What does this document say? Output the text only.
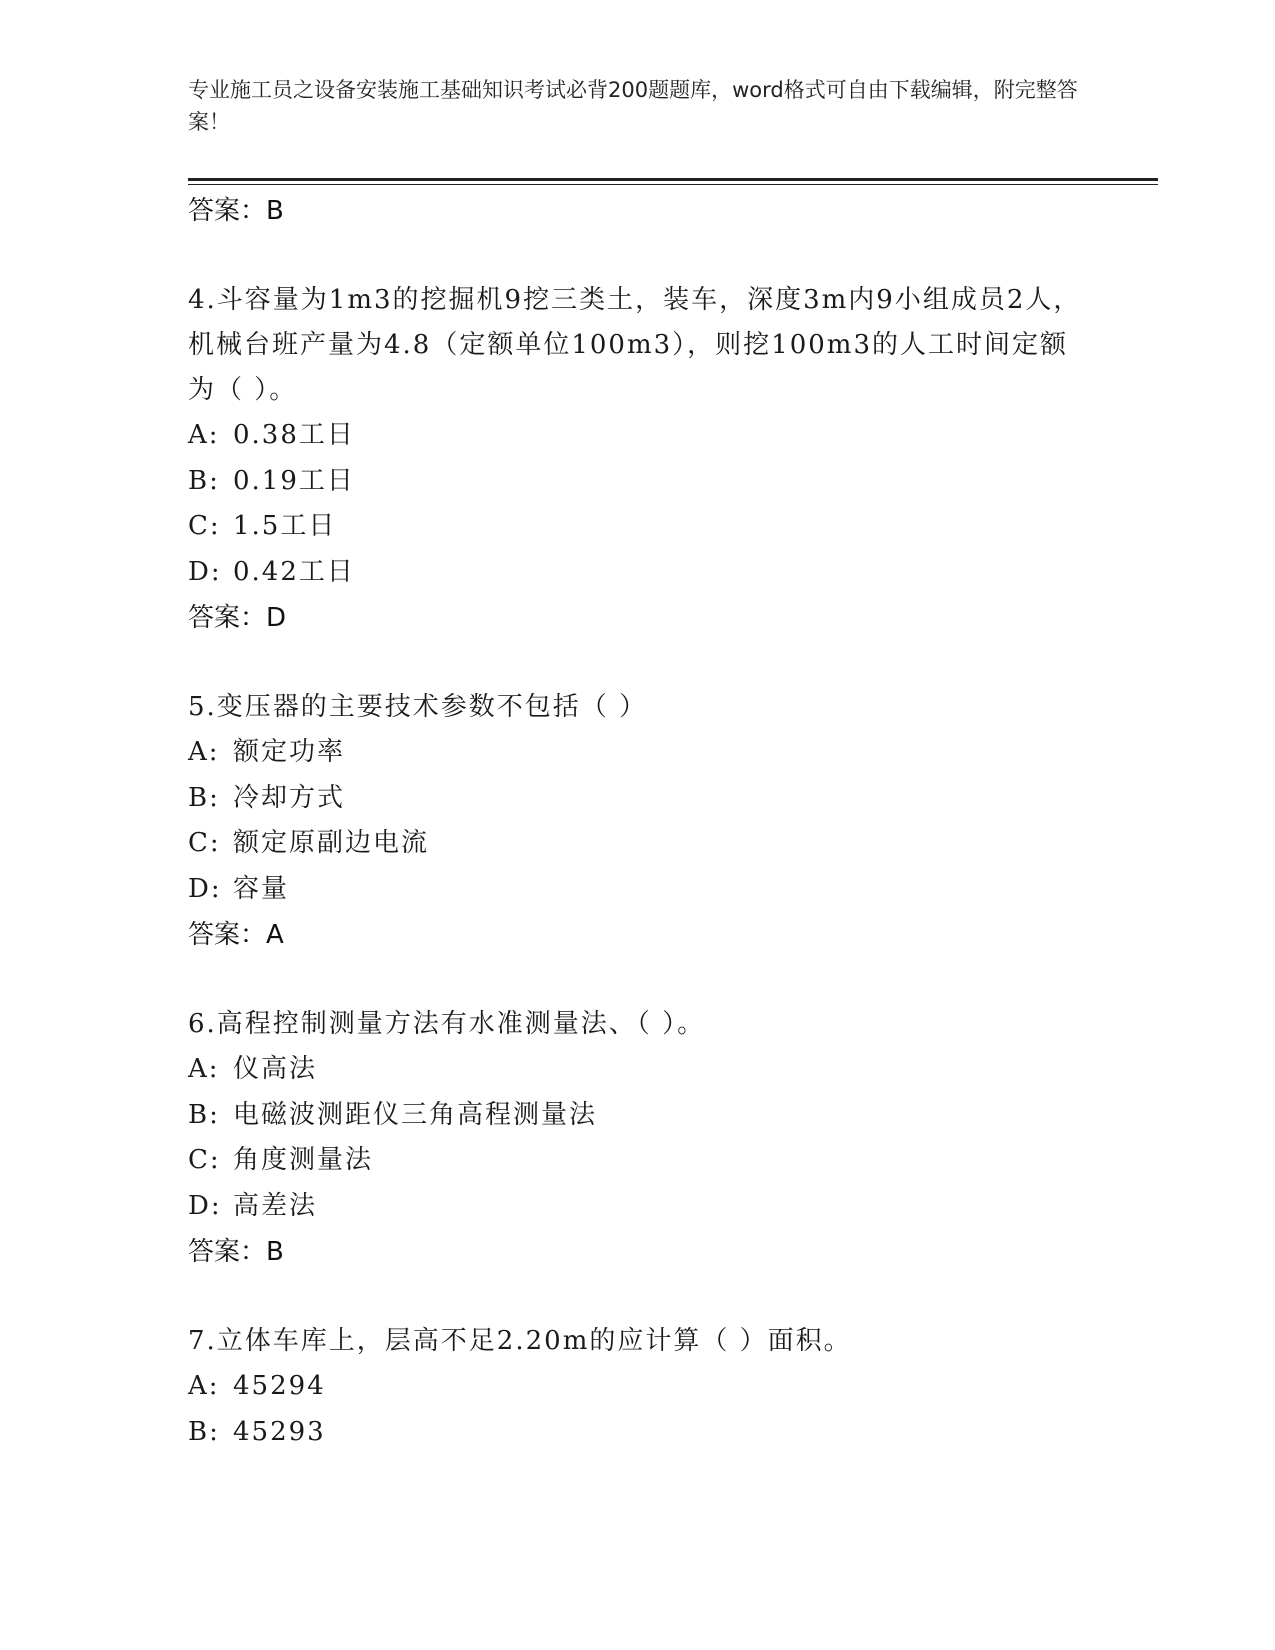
专业施工员之设备安装施工基础知识考试必背200题题库，word格式可自由下载编辑，附完整答案！

答案：B

4.斗容量为1m3的挖掘机9挖三类土，装车，深度3m内9小组成员2人，机械台班产量为4.8（定额单位100m3），则挖100m3的人工时间定额为（ ）。

A: 0.38工日

B: 0.19工日

C: 1.5工日

D: 0.42工日

答案：D

5.变压器的主要技术参数不包括（ ）

A: 额定功率

B: 冷却方式

C: 额定原副边电流

D: 容量

答案：A

6.高程控制测量方法有水准测量法、（ ）。

A: 仪高法

B: 电磁波测距仪三角高程测量法

C: 角度测量法

D: 高差法

答案：B

7.立体车库上，层高不足2.20m的应计算（ ）面积。

A: 45294

B: 45293
